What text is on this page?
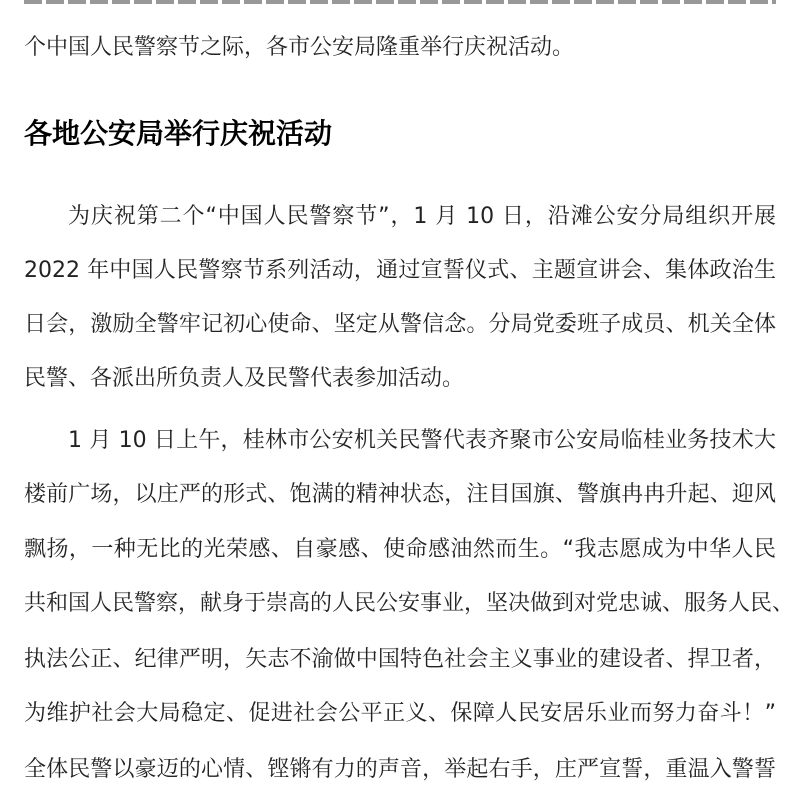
个中国人民警察节之际，各市公安局隆重举行庆祝活动。
各地公安局举行庆祝活动
为庆祝第二个“中国人民警察节”，1 月 10 日，沿滩公安分局组织开展
2022 年中国人民警察节系列活动，通过宣誓仪式、主题宣讲会、集体政治生
日会，激励全警牢记初心使命、坚定从警信念。分局党委班子成员、机关全体
民警、各派出所负责人及民警代表参加活动。
1 月 10 日上午，桂林市公安机关民警代表齐聚市公安局临桂业务技术大
楼前广场，以庄严的形式、饱满的精神状态，注目国旗、警旗冉冉升起、迎风
飘扬，一种无比的光荣感、自豪感、使命感油然而生。“我志愿成为中华人民
共和国人民警察，献身于崇高的人民公安事业，坚决做到对党忠诚、服务人民、
执法公正、纪律严明，矢志不渝做中国特色社会主义事业的建设者、捍卫者，
为维护社会大局稳定、促进社会公平正义、保障人民安居乐业而努力奋斗！”
全体民警以豪迈的心情、铿锵有力的声音，举起右手，庄严宣誓，重温入警誓
